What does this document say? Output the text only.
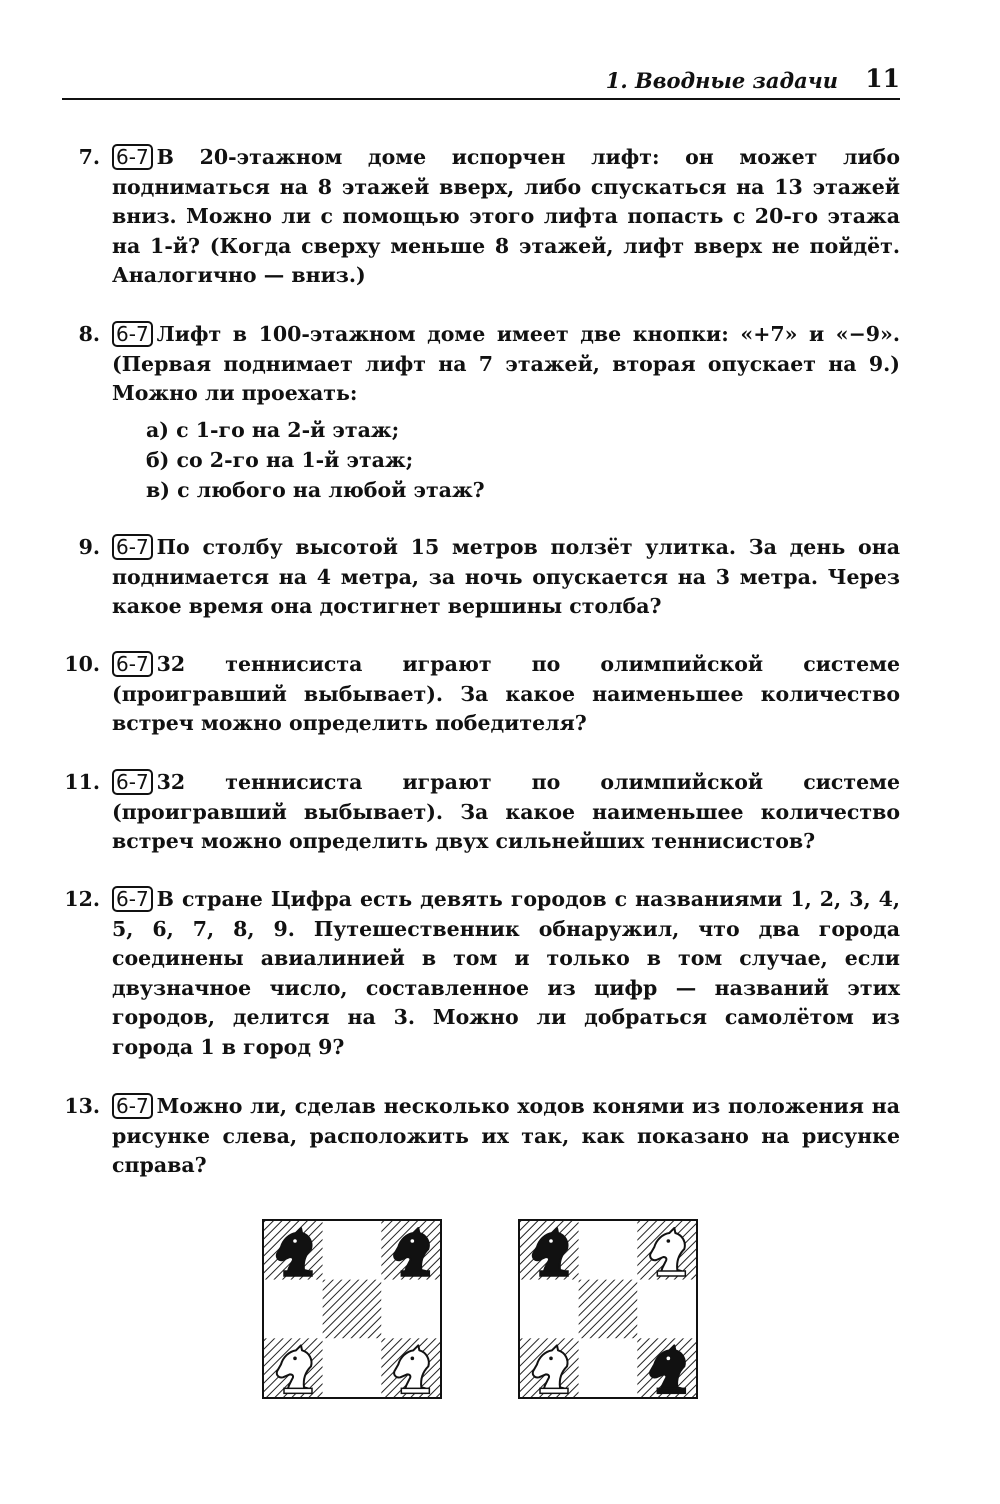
1. Вводные задачи 11
7. 6-7 В 20-этажном доме испорчен лифт: он может либо подниматься на 8 этажей вверх, либо спускаться на 13 этажей вниз. Можно ли с помощью этого лифта попасть с 20-го этажа на 1-й? (Когда сверху меньше 8 этажей, лифт вверх не пойдёт. Аналогично — вниз.)
8. 6-7 Лифт в 100-этажном доме имеет две кнопки: «+7» и «−9». (Первая поднимает лифт на 7 этажей, вторая опускает на 9.) Можно ли проехать:
а) с 1-го на 2-й этаж;
б) со 2-го на 1-й этаж;
в) с любого на любой этаж?
9. 6-7 По столбу высотой 15 метров ползёт улитка. За день она поднимается на 4 метра, за ночь опускается на 3 метра. Через какое время она достигнет вершины столба?
10. 6-7 32 теннисиста играют по олимпийской системе (проигравший выбывает). За какое наименьшее количество встреч можно определить победителя?
11. 6-7 32 теннисиста играют по олимпийской системе (проигравший выбывает). За какое наименьшее количество встреч можно определить двух сильнейших теннисистов?
12. 6-7 В стране Цифра есть девять городов с названиями 1, 2, 3, 4, 5, 6, 7, 8, 9. Путешественник обнаружил, что два города соединены авиалинией в том и только в том случае, если двузначное число, составленное из цифр — названий этих городов, делится на 3. Можно ли добраться самолётом из города 1 в город 9?
13. 6-7 Можно ли, сделав несколько ходов конями из положения на рисунке слева, расположить их так, как показано на рисунке справа?
